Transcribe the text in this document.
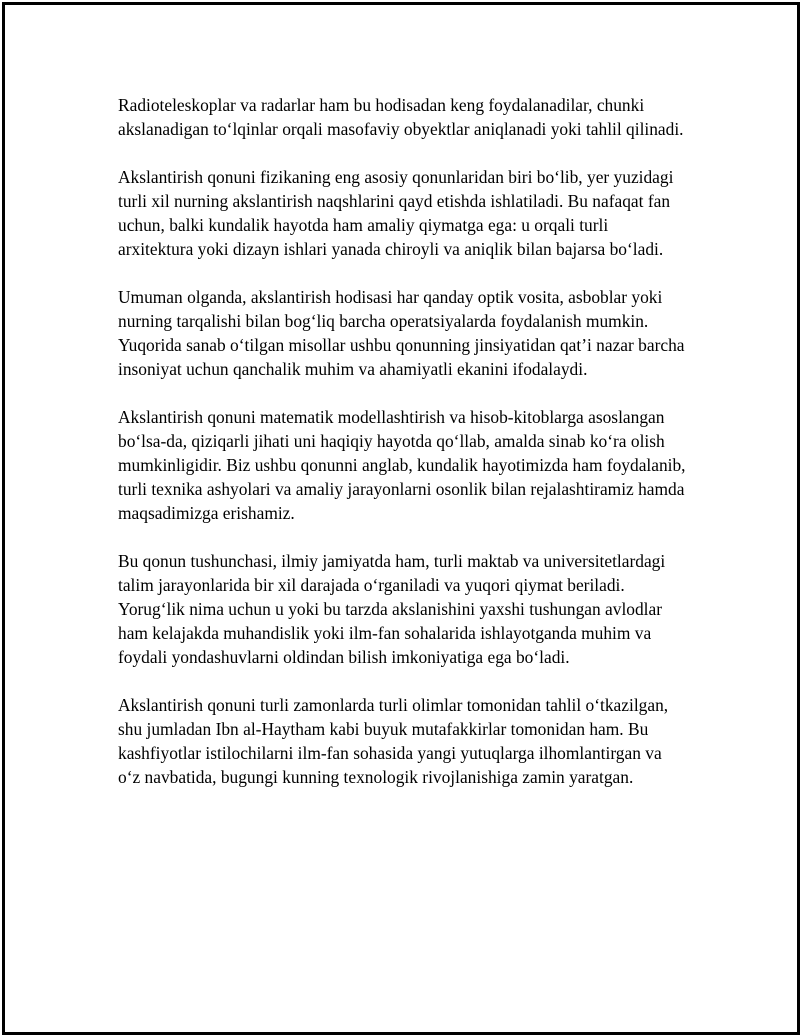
Radioteleskoplar va radarlar ham bu hodisadan keng foydalanadilar, chunki akslanadigan to‘lqinlar orqali masofaviy obyektlar aniqlanadi yoki tahlil qilinadi.

Akslantirish qonuni fizikaning eng asosiy qonunlaridan biri bo‘lib, yer yuzidagi turli xil nurning akslantirish naqshlarini qayd etishda ishlatiladi. Bu nafaqat fan uchun, balki kundalik hayotda ham amaliy qiymatga ega: u orqali turli arxitektura yoki dizayn ishlari yanada chiroyli va aniqlik bilan bajarsa bo‘ladi.

Umuman olganda, akslantirish hodisasi har qanday optik vosita, asboblar yoki nurning tarqalishi bilan bog‘liq barcha operatsiyalarda foydalanish mumkin. Yuqorida sanab o‘tilgan misollar ushbu qonunning jinsiyatidan qat’i nazar barcha insoniyat uchun qanchalik muhim va ahamiyatli ekanini ifodalaydi.

Akslantirish qonuni matematik modellashtirish va hisob-kitoblarga asoslangan bo‘lsa-da, qiziqarli jihati uni haqiqiy hayotda qo‘llab, amalda sinab ko‘ra olish mumkinligidir. Biz ushbu qonunni anglab, kundalik hayotimizda ham foydalanib, turli texnika ashyolari va amaliy jarayonlarni osonlik bilan rejalashtiramiz hamda maqsadimizga erishamiz.

Bu qonun tushunchasi, ilmiy jamiyatda ham, turli maktab va universitetlardagi talim jarayonlarida bir xil darajada o‘rganiladi va yuqori qiymat beriladi. Yorug‘lik nima uchun u yoki bu tarzda akslanishini yaxshi tushungan avlodlar ham kelajakda muhandislik yoki ilm-fan sohalarida ishlayotganda muhim va foydali yondashuvlarni oldindan bilish imkoniyatiga ega bo‘ladi.

Akslantirish qonuni turli zamonlarda turli olimlar tomonidan tahlil o‘tkazilgan, shu jumladan Ibn al-Haytham kabi buyuk mutafakkirlar tomonidan ham. Bu kashfiyotlar istilochilarni ilm-fan sohasida yangi yutuqlarga ilhomlantirgan va o‘z navbatida, bugungi kunning texnologik rivojlanishiga zamin yaratgan.
